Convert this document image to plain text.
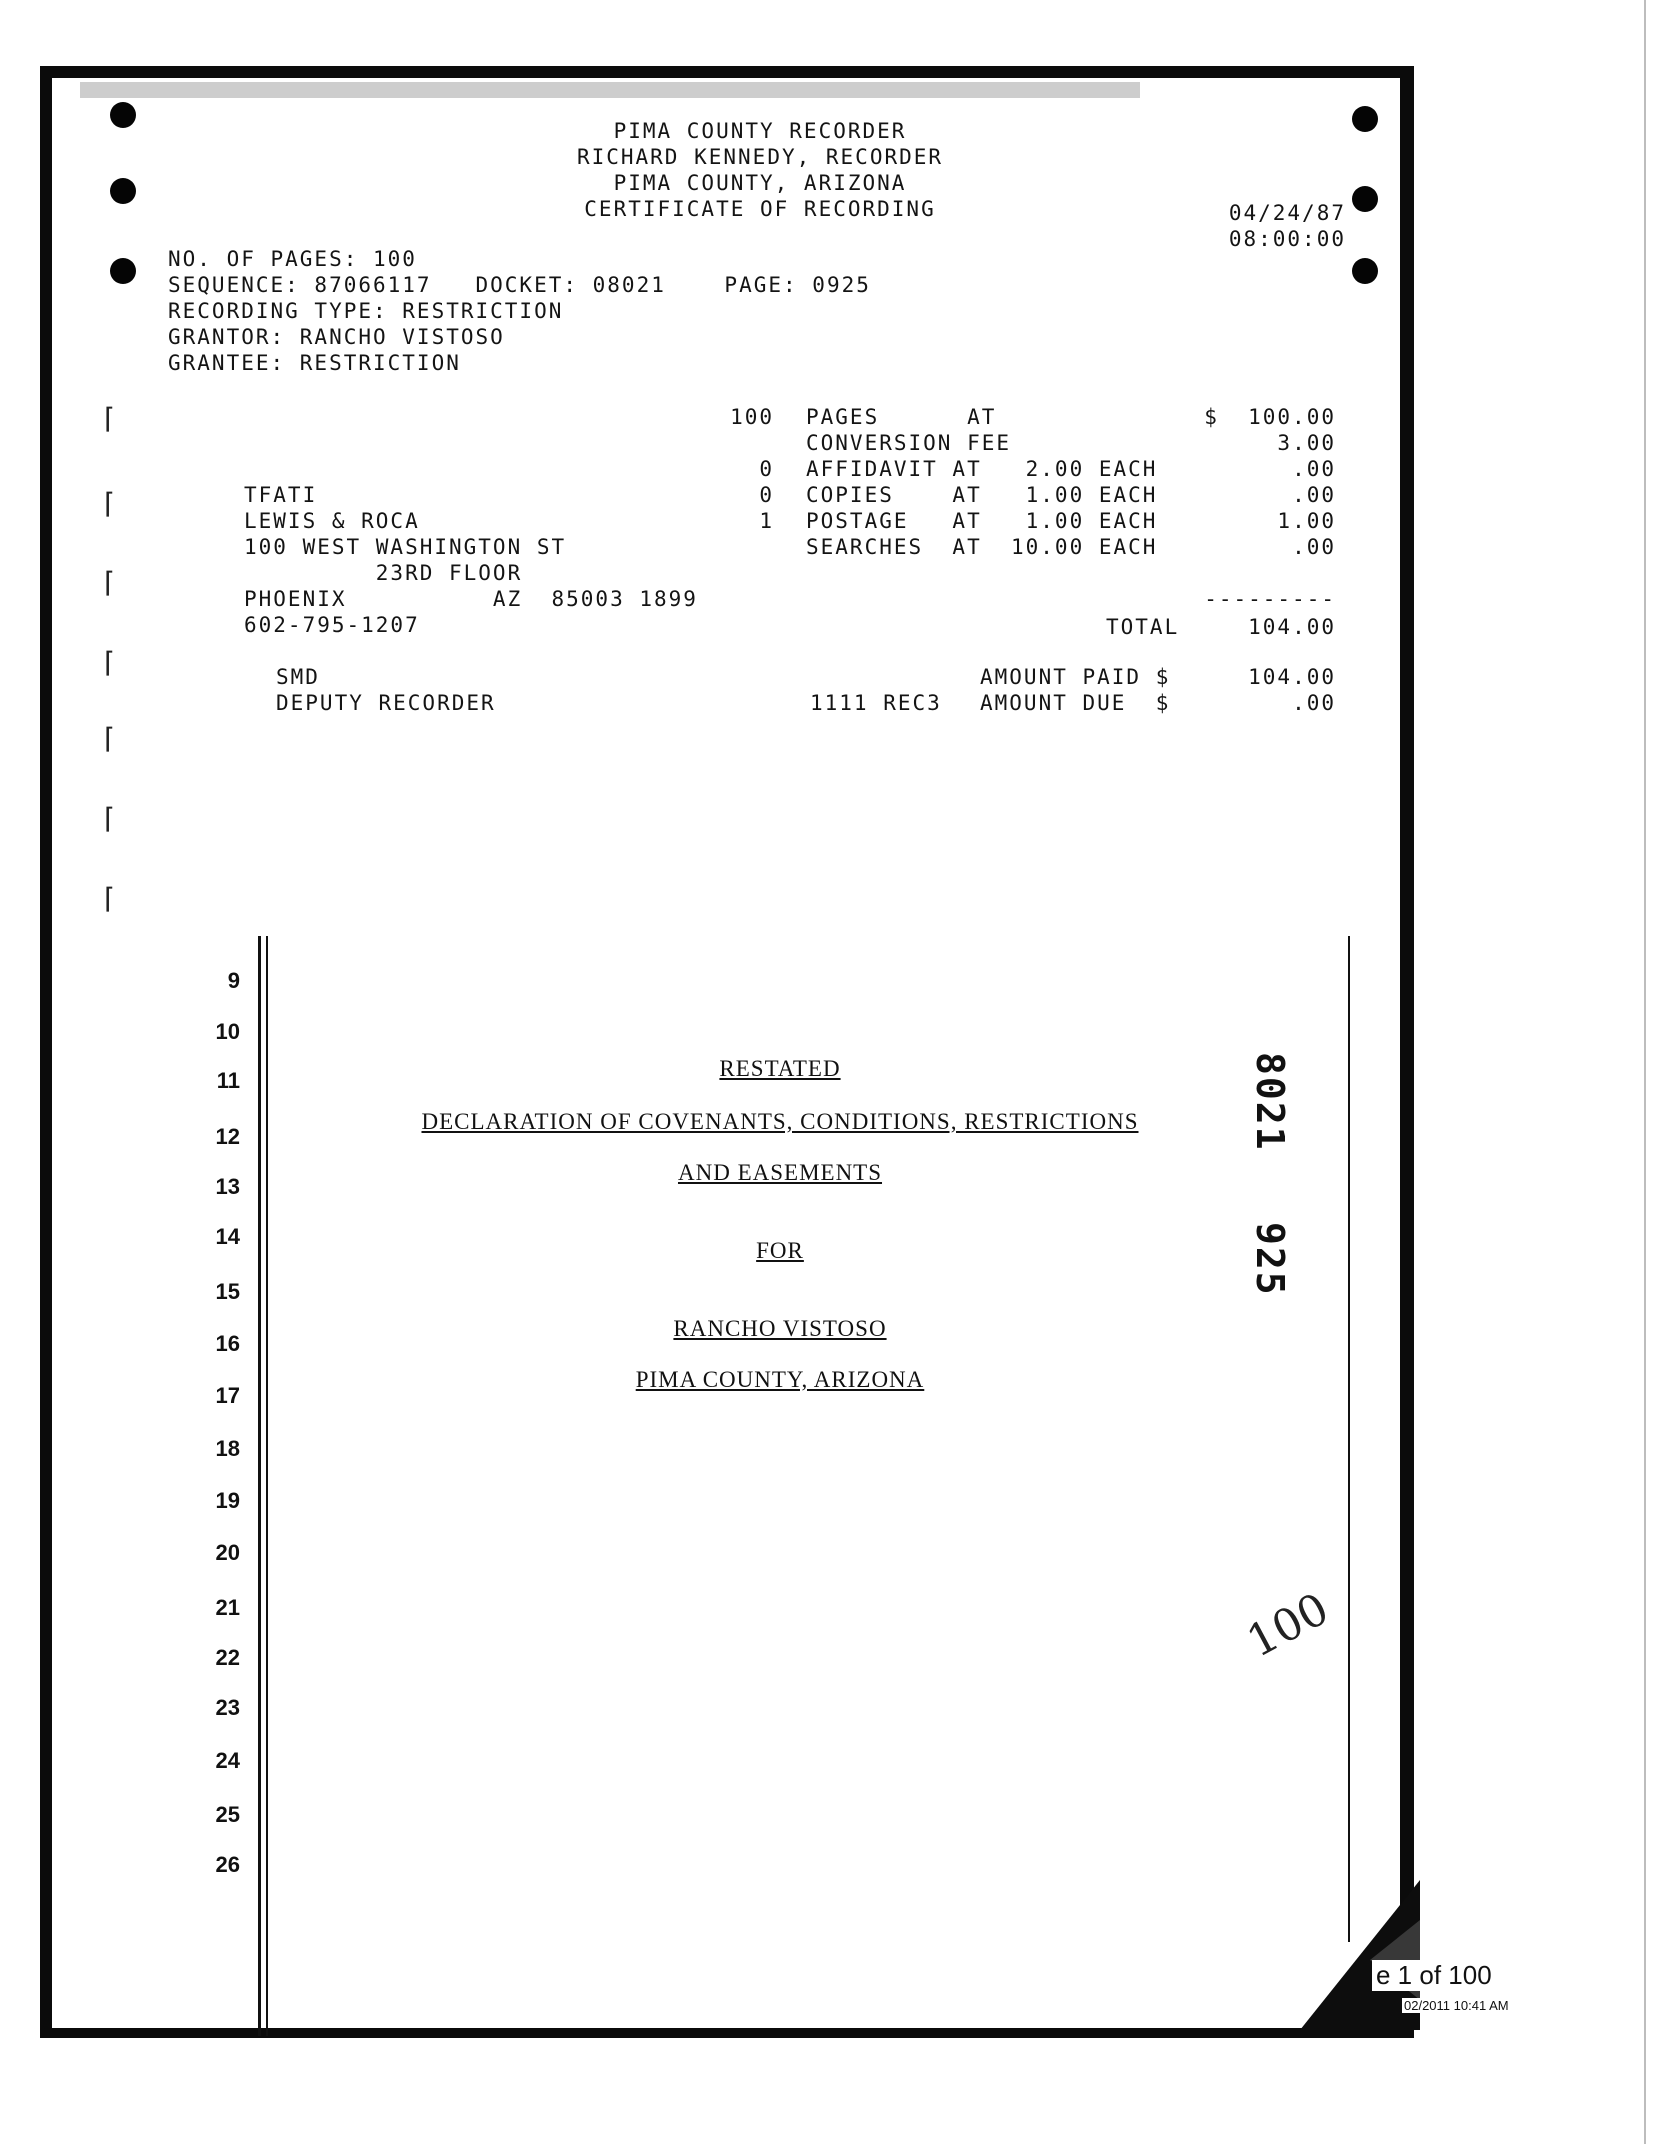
⌈
⌈
⌈
⌈
⌈
⌈
⌈
PIMA COUNTY RECORDER
RICHARD KENNEDY, RECORDER
PIMA COUNTY, ARIZONA
CERTIFICATE OF RECORDING	04/24/87
08:00:00
NO. OF PAGES: 100
SEQUENCE: 87066117   DOCKET: 08021    PAGE: 0925
RECORDING TYPE: RESTRICTION
GRANTOR: RANCHO VISTOSO
GRANTEE: RESTRICTION
100 PAGES      AT	$  100.00
CONVERSION FEE	3.00
0 AFFIDAVIT AT   2.00 EACH	.00
0 COPIES    AT   1.00 EACH	.00
1 POSTAGE   AT   1.00 EACH	1.00
SEARCHES  AT  10.00 EACH	.00
---------
TOTAL	104.00
TFATI
LEWIS & ROCA
100 WEST WASHINGTON ST
23RD FLOOR
PHOENIX          AZ  85003 1899
602-795-1207
SMD
DEPUTY RECORDER	1111 REC3
AMOUNT PAID $	104.00
AMOUNT DUE  $	.00
9
10
11
12
13
14
15
16
17
18
19
20
21
22
23
24
25
26
RESTATED
DECLARATION OF COVENANTS, CONDITIONS, RESTRICTIONS
AND EASEMENTS
FOR
RANCHO VISTOSO
PIMA COUNTY, ARIZONA
8021
925
100
e 1 of 100
02/2011 10:41 AM
